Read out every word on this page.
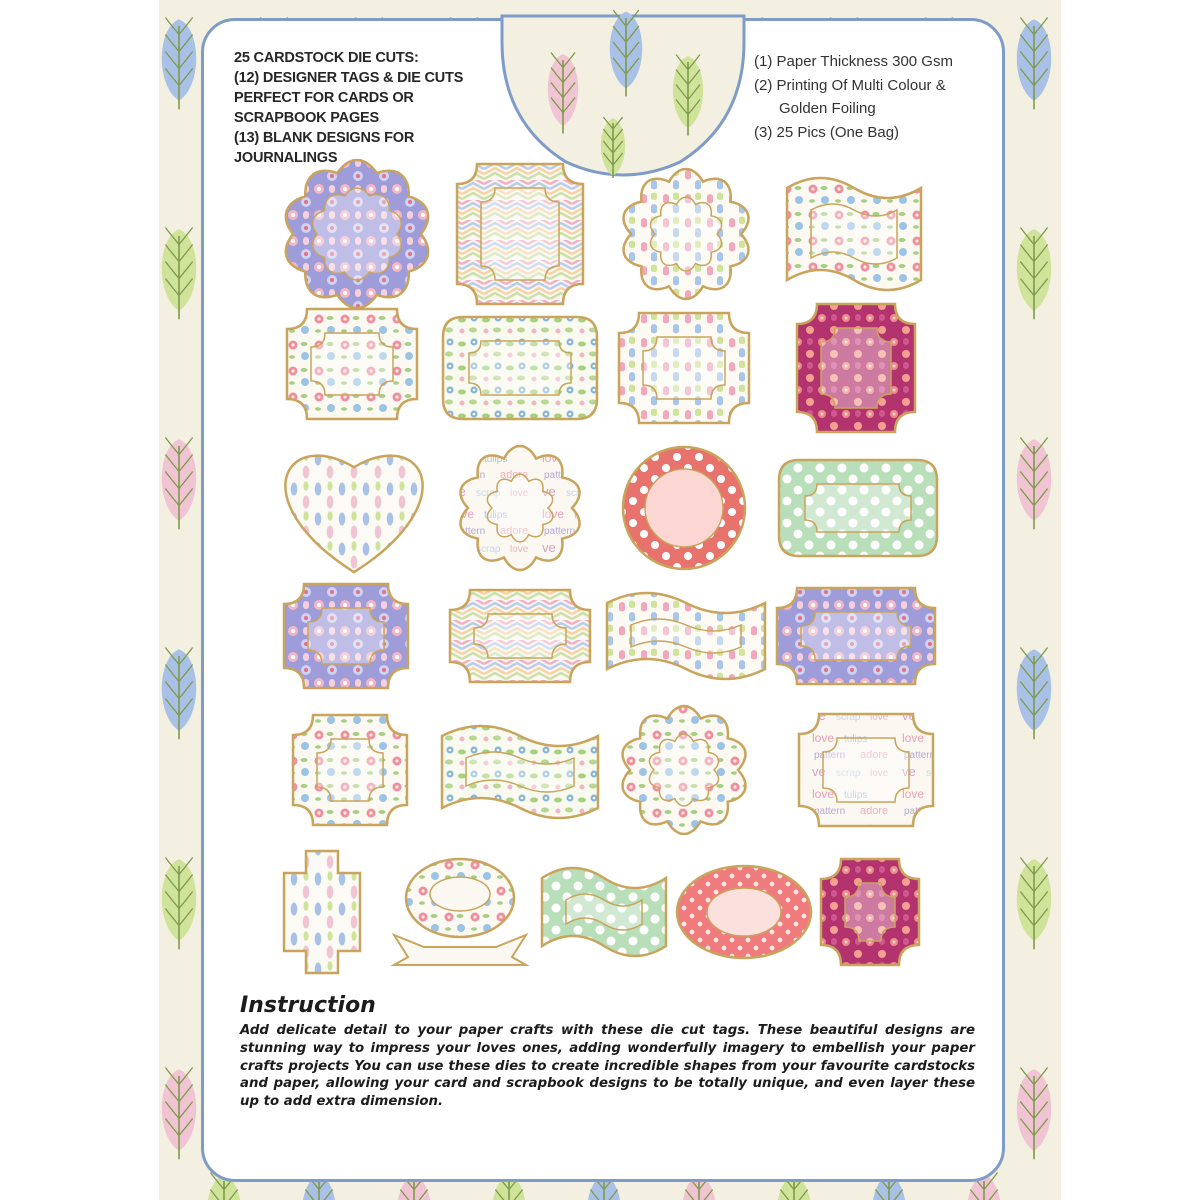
25 CARDSTOCK DIE CUTS:
(12) DESIGNER TAGS & DIE CUTS
PERFECT FOR CARDS OR
SCRAPBOOK PAGES
(13) BLANK DESIGNS FOR
JOURNALINGS
(1) Paper Thickness 300 Gsm
(2) Printing Of Multi Colour &
Golden Foiling
(3) 25 Pics (One Bag)
Instruction

Add delicate detail to your paper crafts with these die cut tags. These beautiful designs are stunning way to impress your loves ones, adding wonderfully imagery to embellish your paper crafts projects You can use these dies to create incredible shapes from your favourite cardstocks and paper, allowing your card and scrapbook designs to be totally unique, and even layer these up to add extra dimension.
